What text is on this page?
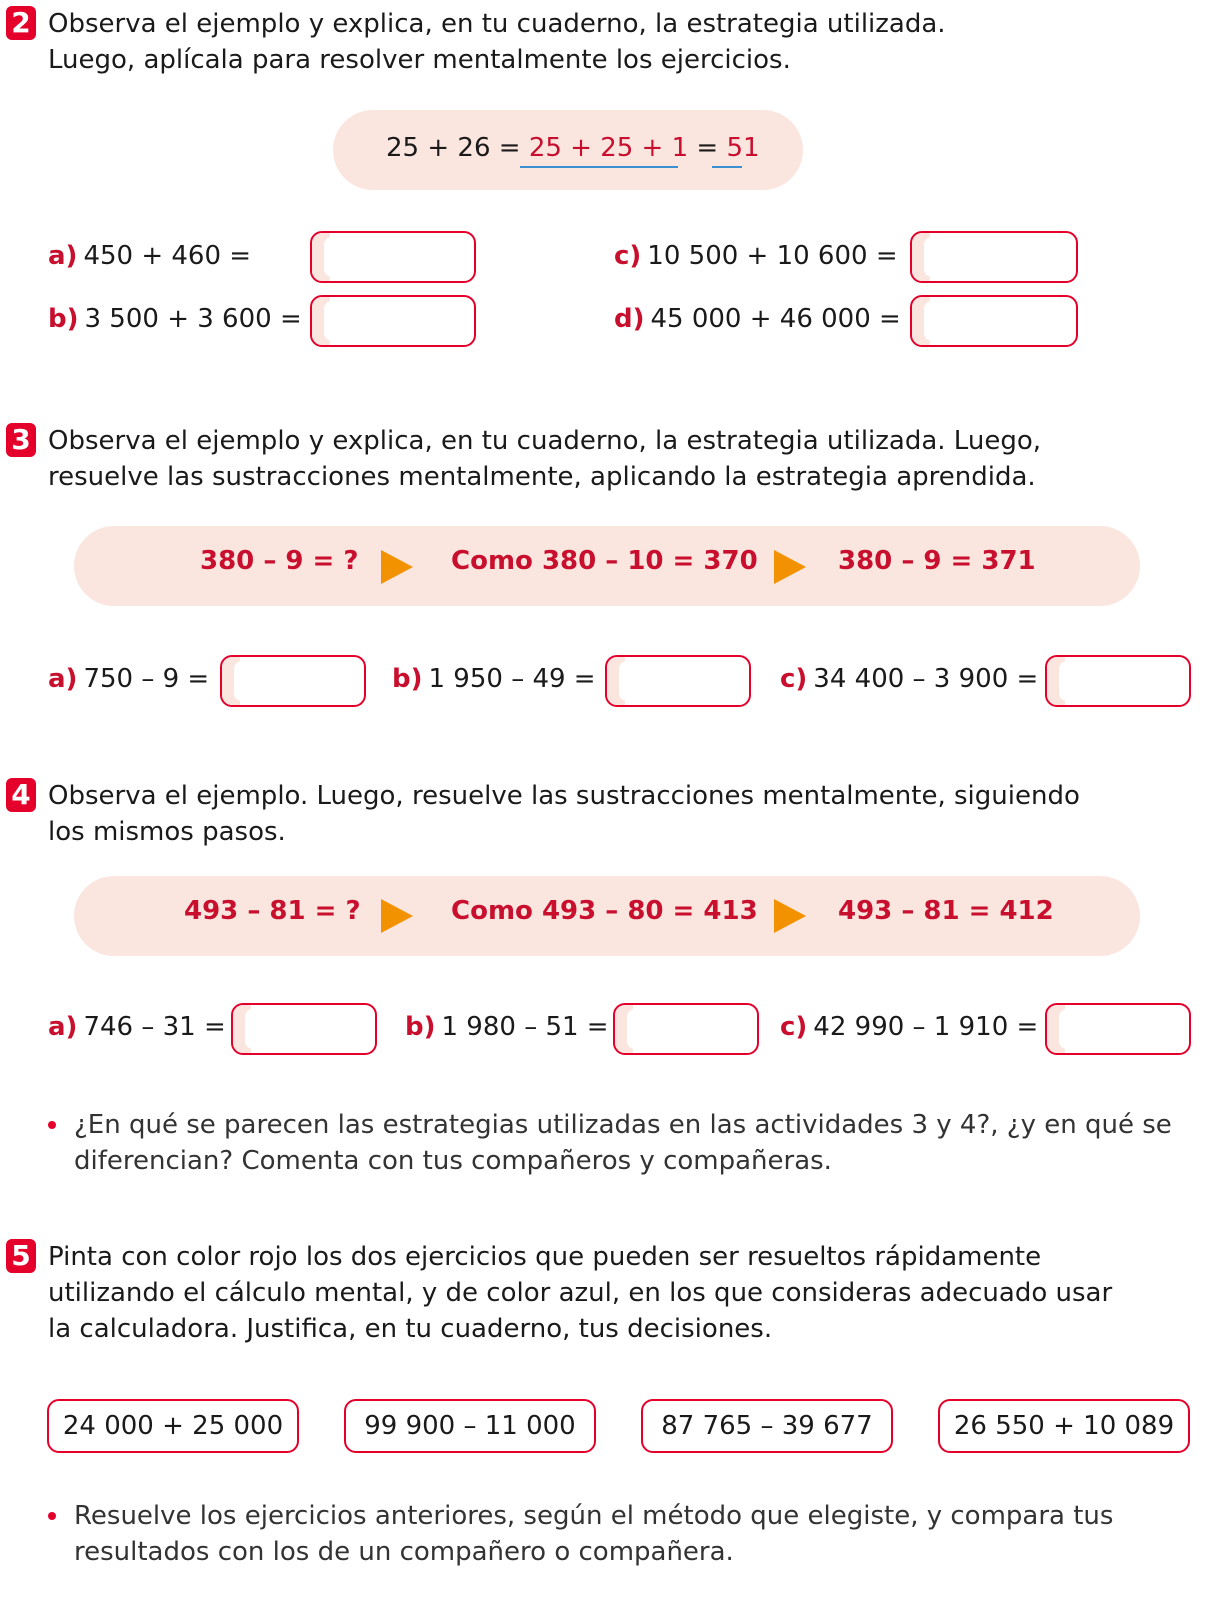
2 Observa el ejemplo y explica, en tu cuaderno, la estrategia utilizada.
Luego, aplícala para resolver mentalmente los ejercicios.
25 + 26 = 25 + 25 + 1 = 51
a) 450 + 460 =
b) 3 500 + 3 600 =
c) 10 500 + 10 600 =
d) 45 000 + 46 000 =
3 Observa el ejemplo y explica, en tu cuaderno, la estrategia utilizada. Luego,
resuelve las sustracciones mentalmente, aplicando la estrategia aprendida.
380 – 9 = ?	Como 380 – 10 = 370	380 – 9 = 371
a) 750 – 9 =	b) 1 950 – 49 =	c) 34 400 – 3 900 =
4 Observa el ejemplo. Luego, resuelve las sustracciones mentalmente, siguiendo
los mismos pasos.
493 – 81 = ?	Como 493 – 80 = 413	493 – 81 = 412
a) 746 – 31 =	b) 1 980 – 51 =	c) 42 990 – 1 910 =
¿En qué se parecen las estrategias utilizadas en las actividades 3 y 4?, ¿y en qué se
diferencian? Comenta con tus compañeros y compañeras.
5 Pinta con color rojo los dos ejercicios que pueden ser resueltos rápidamente
utilizando el cálculo mental, y de color azul, en los que consideras adecuado usar
la calculadora. Justifica, en tu cuaderno, tus decisiones.
24 000 + 25 000	99 900 – 11 000	87 765 – 39 677	26 550 + 10 089
Resuelve los ejercicios anteriores, según el método que elegiste, y compara tus
resultados con los de un compañero o compañera.
